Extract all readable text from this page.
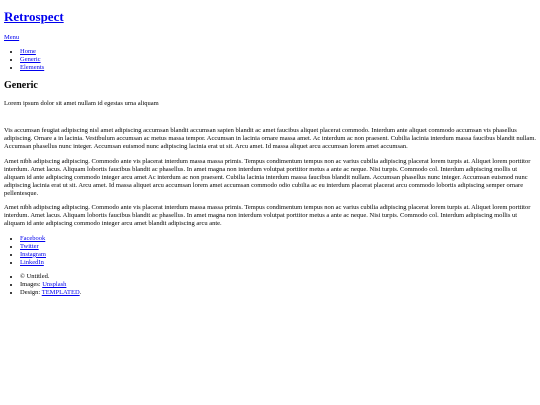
Retrospect
Menu
• Home
• Generic
• Elements
Generic

Lorem ipsum dolor sit amet nullam id egestas urna aliquam

Vis accumsan feugiat adipiscing nisl amet adipiscing accumsan blandit accumsan sapien blandit ac amet faucibus aliquet placerat commodo. Interdum ante aliquet commodo accumsan vis phasellus adipiscing. Ornare a in lacinia. Vestibulum accumsan ac metus massa tempor. Accumsan in lacinia ornare massa amet. Ac interdum ac non praesent. Cubilia lacinia interdum massa faucibus blandit nullam. Accumsan phasellus nunc integer. Accumsan euismod nunc adipiscing lacinia erat ut sit. Arcu amet. Id massa aliquet arcu accumsan lorem amet accumsan.

Amet nibh adipiscing adipiscing. Commodo ante vis placerat interdum massa massa primis. Tempus condimentum tempus non ac varius cubilia adipiscing placerat lorem turpis at. Aliquet lorem porttitor interdum. Amet lacus. Aliquam lobortis faucibus blandit ac phasellus. In amet magna non interdum volutpat porttitor metus a ante ac neque. Nisi turpis. Commodo col. Interdum adipiscing mollis ut aliquam id ante adipiscing commodo integer arcu amet Ac interdum ac non praesent. Cubilia lacinia interdum massa faucibus blandit nullam. Accumsan phasellus nunc integer. Accumsan euismod nunc adipiscing lacinia erat ut sit. Arcu amet. Id massa aliquet arcu accumsan lorem amet accumsan commodo odio cubilia ac eu interdum placerat placerat arcu commodo lobortis adipiscing semper ornare pellentesque.

Amet nibh adipiscing adipiscing. Commodo ante vis placerat interdum massa massa primis. Tempus condimentum tempus non ac varius cubilia adipiscing placerat lorem turpis at. Aliquet lorem porttitor interdum. Amet lacus. Aliquam lobortis faucibus blandit ac phasellus. In amet magna non interdum volutpat porttitor metus a ante ac neque. Nisi turpis. Commodo col. Interdum adipiscing mollis ut aliquam id ante adipiscing commodo integer arcu amet blandit adipiscing arcu ante.

• Facebook
• Twitter
• Instagram
• LinkedIn
• © Untitled.
• Images: Unsplash
• Design: TEMPLATED.
